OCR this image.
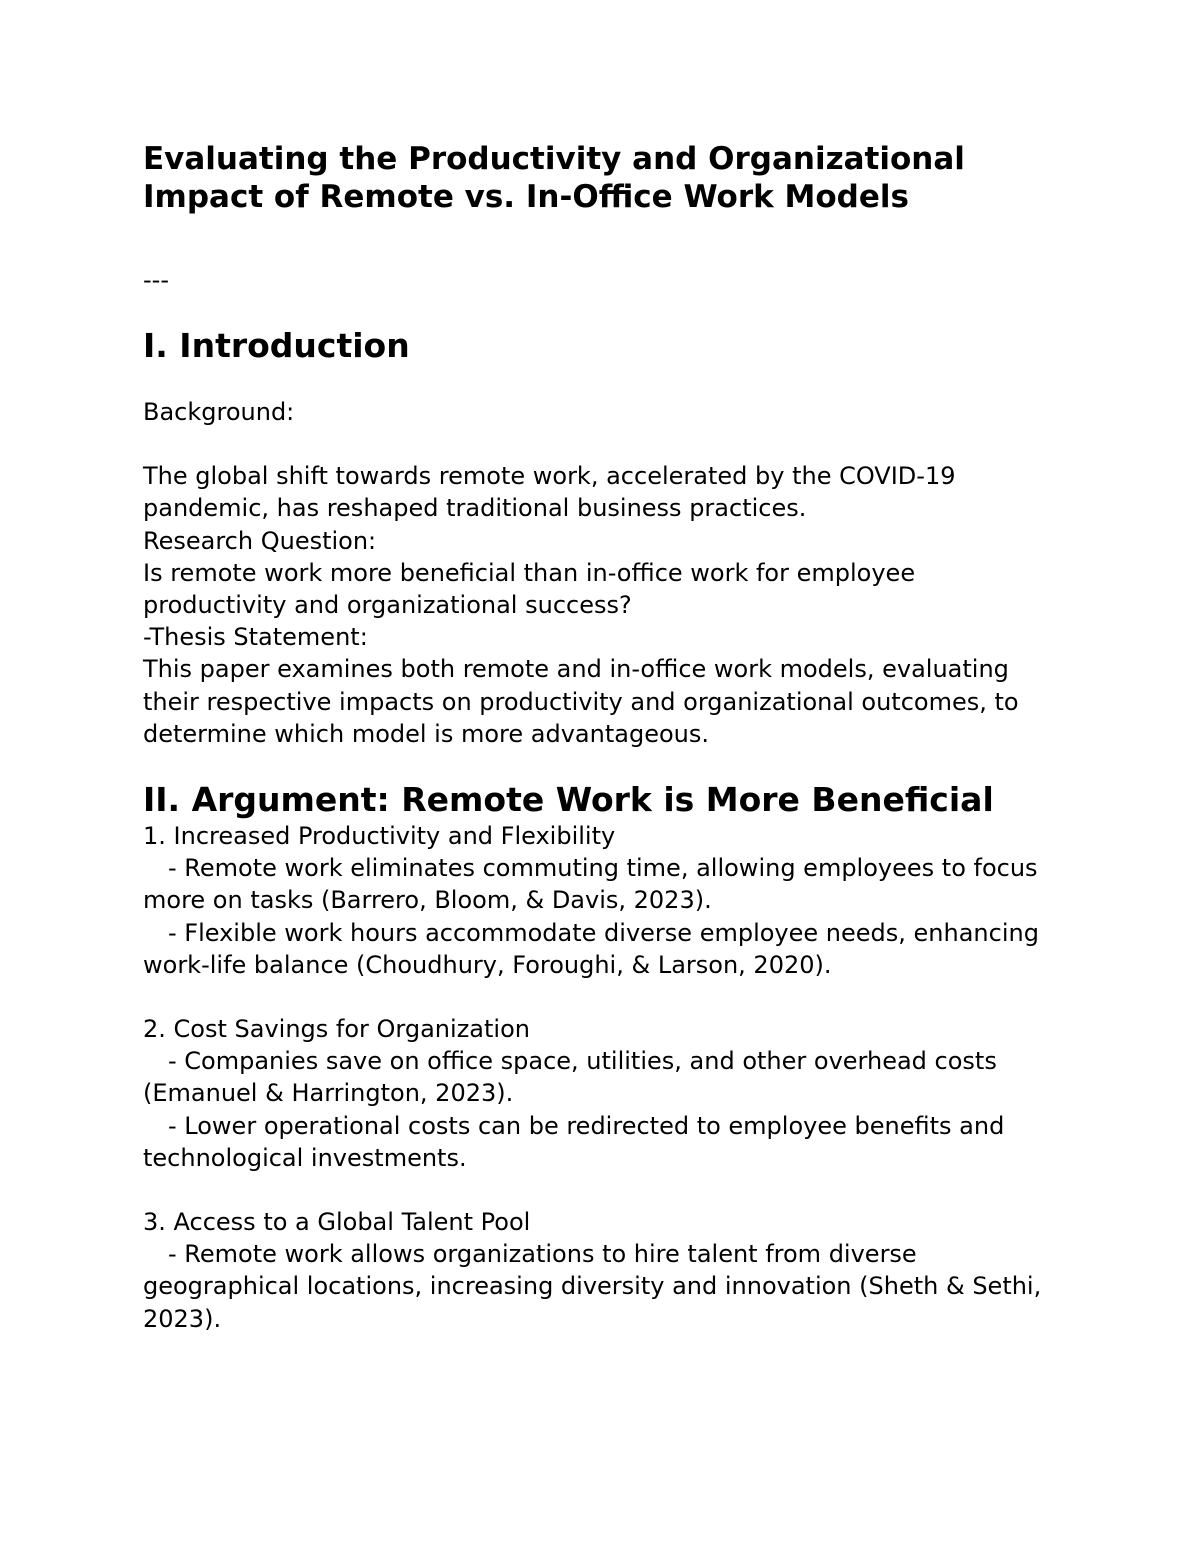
Evaluating the Productivity and Organizational Impact of Remote vs. In-Office Work Models

---

I. Introduction

Background:

The global shift towards remote work, accelerated by the COVID-19 pandemic, has reshaped traditional business practices.

Research Question:

Is remote work more beneficial than in-office work for employee productivity and organizational success?

-Thesis Statement:

This paper examines both remote and in-office work models, evaluating their respective impacts on productivity and organizational outcomes, to determine which model is more advantageous.

II. Argument: Remote Work is More Beneficial

1. Increased Productivity and Flexibility

- Remote work eliminates commuting time, allowing employees to focus more on tasks (Barrero, Bloom, & Davis, 2023).

- Flexible work hours accommodate diverse employee needs, enhancing work-life balance (Choudhury, Foroughi, & Larson, 2020).

2. Cost Savings for Organization

- Companies save on office space, utilities, and other overhead costs (Emanuel & Harrington, 2023).

- Lower operational costs can be redirected to employee benefits and technological investments.

3. Access to a Global Talent Pool

- Remote work allows organizations to hire talent from diverse geographical locations, increasing diversity and innovation (Sheth & Sethi, 2023).
